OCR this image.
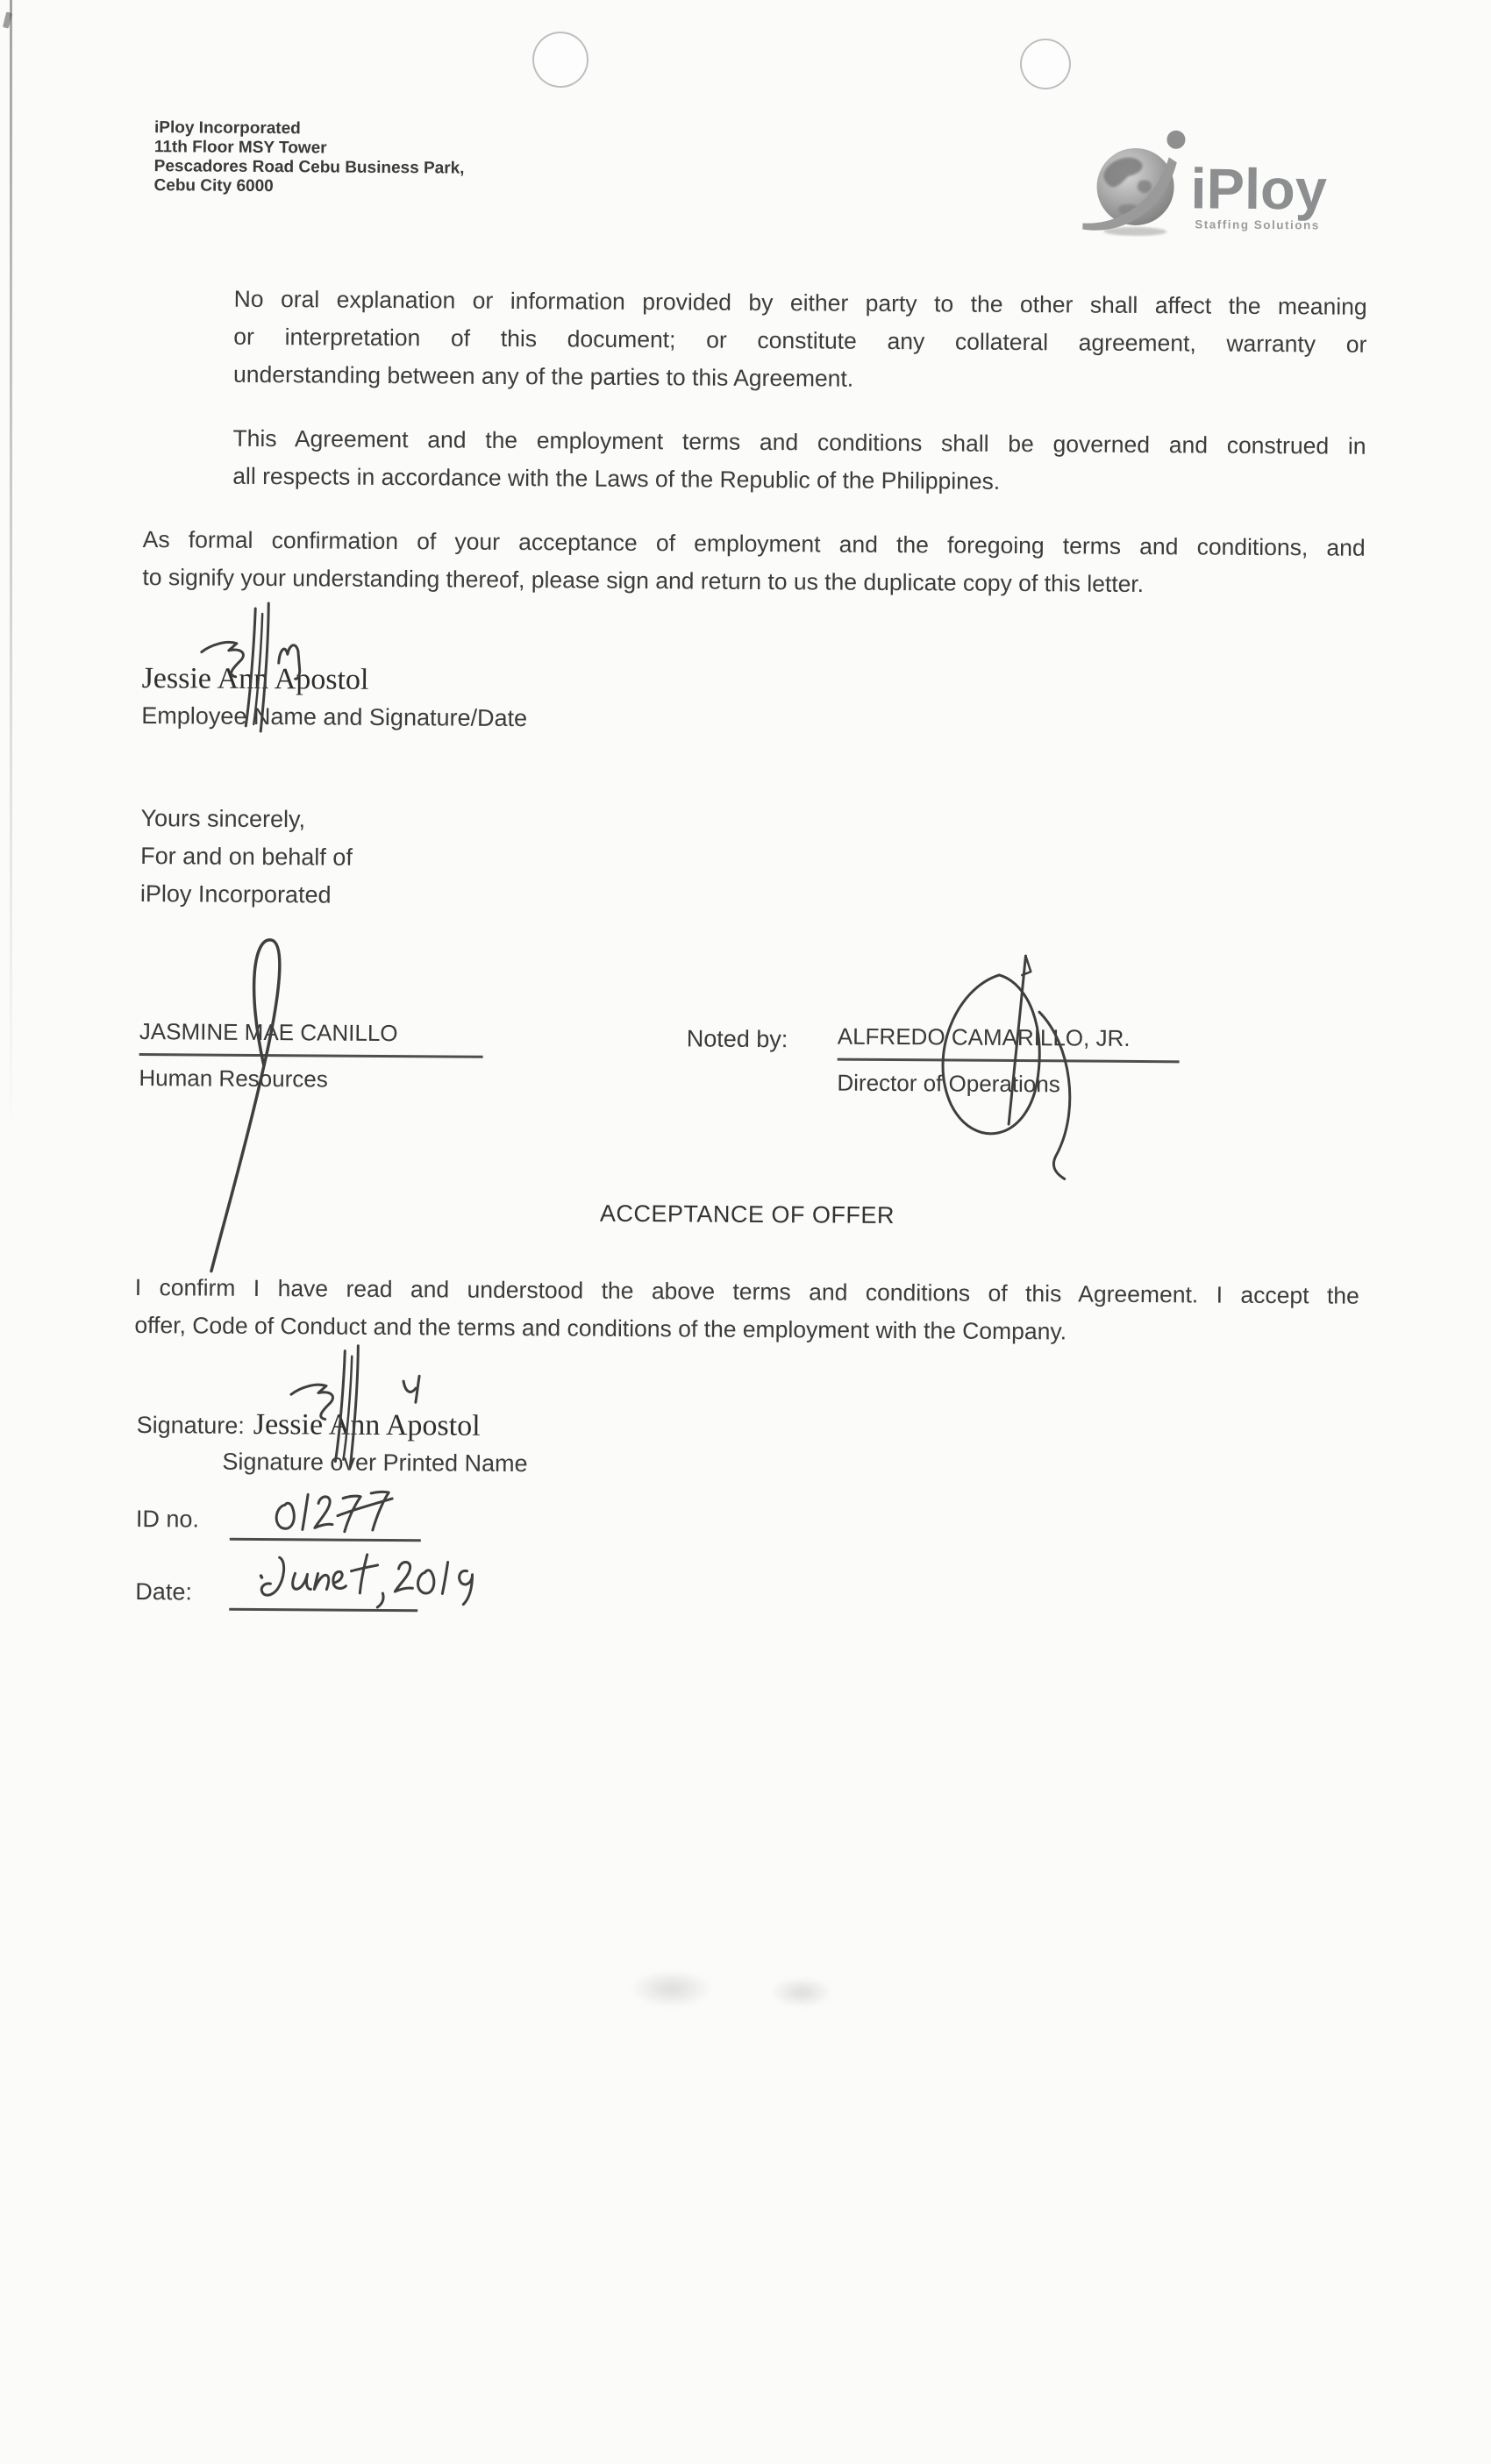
iPloy Incorporated
11th Floor MSY Tower
Pescadores Road Cebu Business Park,
Cebu City 6000	iPloy
Staffing Solutions
No oral explanation or information provided by either party to the other shall affect the meaning
or interpretation of this document; or constitute any collateral agreement, warranty or
understanding between any of the parties to this Agreement.
This Agreement and the employment terms and conditions shall be governed and construed in
all respects in accordance with the Laws of the Republic of the Philippines.
As formal confirmation of your acceptance of employment and the foregoing terms and conditions, and
to signify your understanding thereof, please sign and return to us the duplicate copy of this letter.
Jessie Ann Apostol
Employee Name and Signature/Date
Yours sincerely,
For and on behalf of
iPloy Incorporated
JASMINE MAE CANILLO
Human Resources
Noted by: ALFREDO CAMARILLO, JR.
Director of Operations
ACCEPTANCE OF OFFER
I confirm I have read and understood the above terms and conditions of this Agreement. I accept the
offer, Code of Conduct and the terms and conditions of the employment with the Company.
Signature: Jessie Ann Apostol
Signature over Printed Name
ID no.
Date:
